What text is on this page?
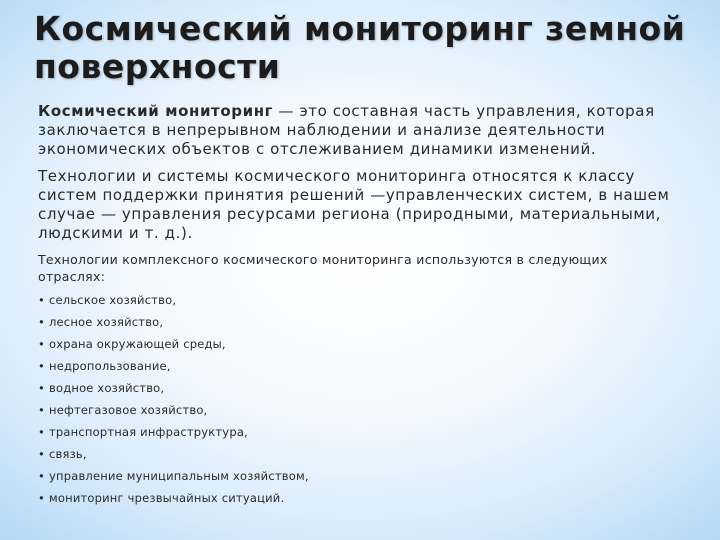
Космический мониторинг земной поверхности

Космический мониторинг — это составная часть управления, которая заключается в непрерывном наблюдении и анализе деятельности экономических объектов с отслеживанием динамики изменений.

Технологии и системы космического мониторинга относятся к классу систем поддержки принятия решений —управленческих систем, в нашем случае — управления ресурсами региона (природными, материальными, людскими и т. д.).

Технологии комплексного космического мониторинга используются в следующих отраслях:

• сельское хозяйство,
• лесное хозяйство,
• охрана окружающей среды,
• недропользование,
• водное хозяйство,
• нефтегазовое хозяйство,
• транспортная инфраструктура,
• связь,
• управление муниципальным хозяйством,
• мониторинг чрезвычайных ситуаций.
